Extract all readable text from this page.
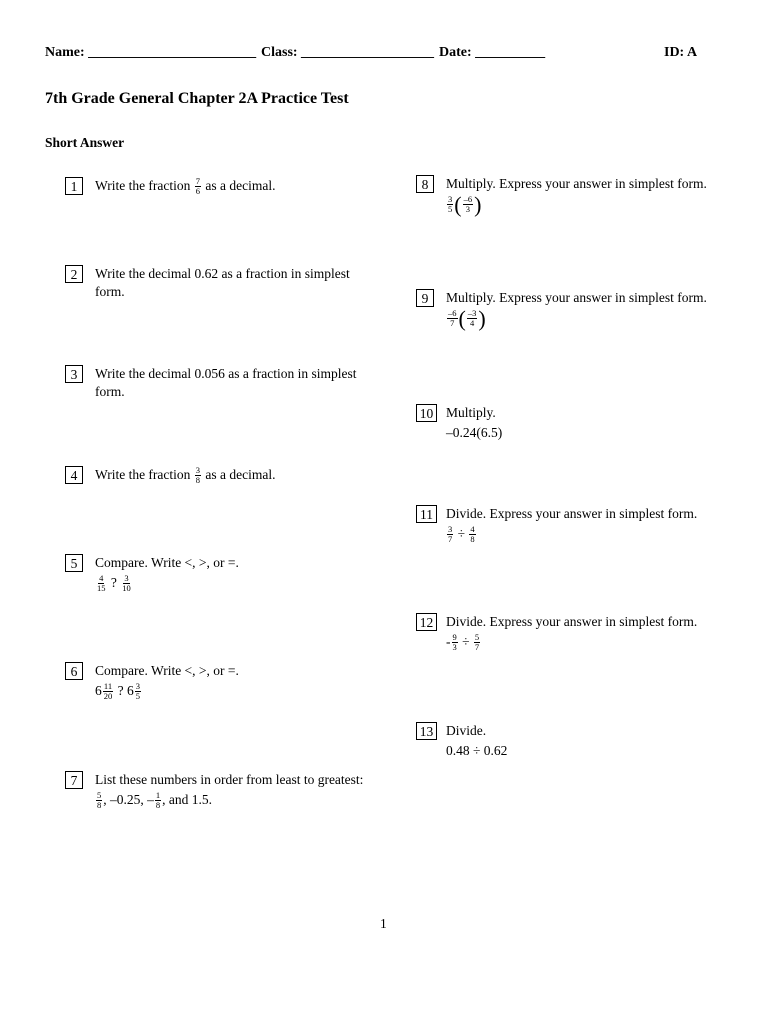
Name: ________________________ Class: ___________________ Date: __________	ID: A
7th Grade General Chapter 2A Practice Test
Short Answer
1	Write the fraction $\frac{7}{6}$ as a decimal.
2	Write the decimal 0.62 as a fraction in simplest form.
3	Write the decimal 0.056 as a fraction in simplest form.
4	Write the fraction $\frac{3}{8}$ as a decimal.
5	Compare. Write <, >, or =.
$\frac{4}{15}$ ? $\frac{3}{10}$
6	Compare. Write <, >, or =.
$6 \frac{11}{20}$ ? $6 \frac{3}{5}$
7	List these numbers in order from least to greatest:
$\frac{5}{8}$ , –0.25, – $\frac{1}{8}$ , and 1.5.
8	Multiply. Express your answer in simplest form.
$\frac{3}{5}$ ( $\frac{-6}{3}$ )
9	Multiply. Express your answer in simplest form.
$\frac{-6}{7}$ ( $\frac{-3}{4}$ )
10 Multiply.
–0.24(6.5)
11 Divide. Express your answer in simplest form.
$\frac{3}{7} \div \frac{4}{8}$
12 Divide. Express your answer in simplest form.
- $\frac{9}{3} \div \frac{5}{7}$
13 Divide.
0.48 ÷ 0.62
1
